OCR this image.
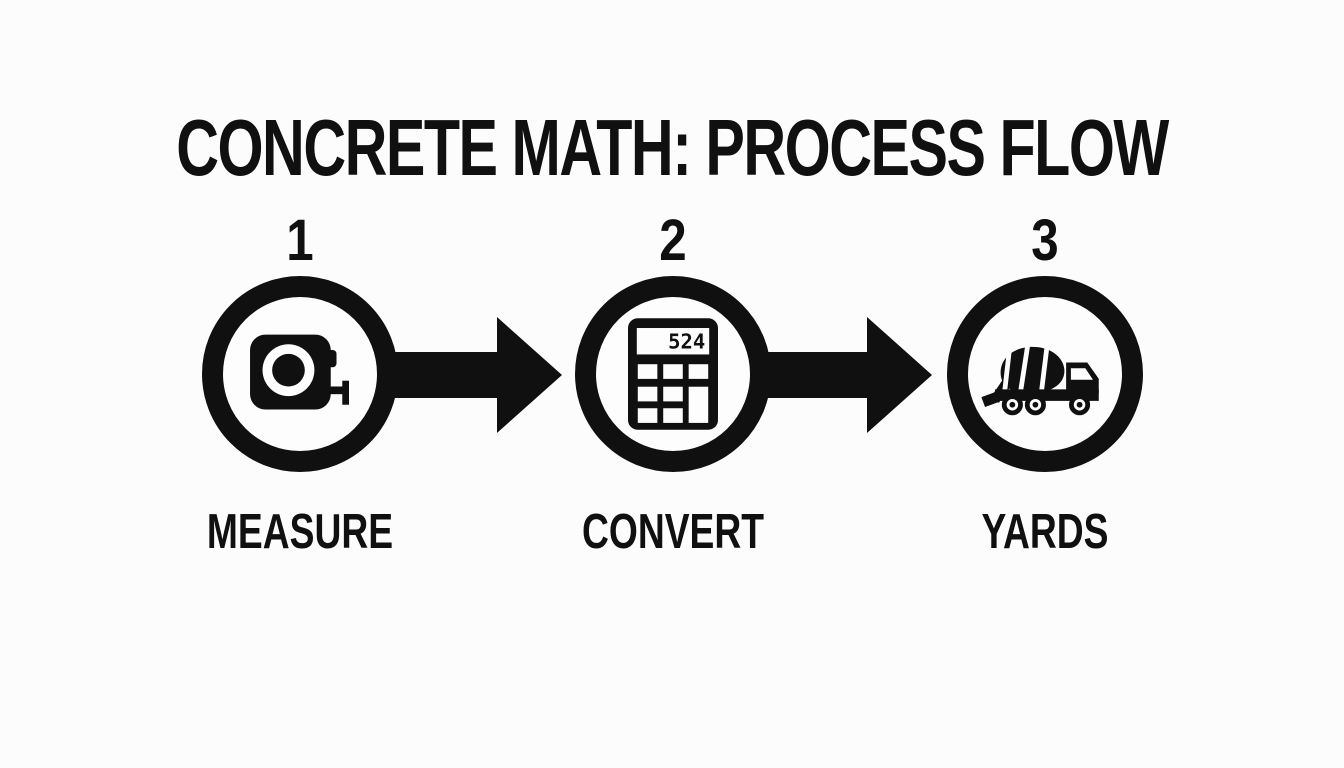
CONCRETE MATH: PROCESS FLOW
1
MEASURE
2
524
CONVERT
3
YARDS
